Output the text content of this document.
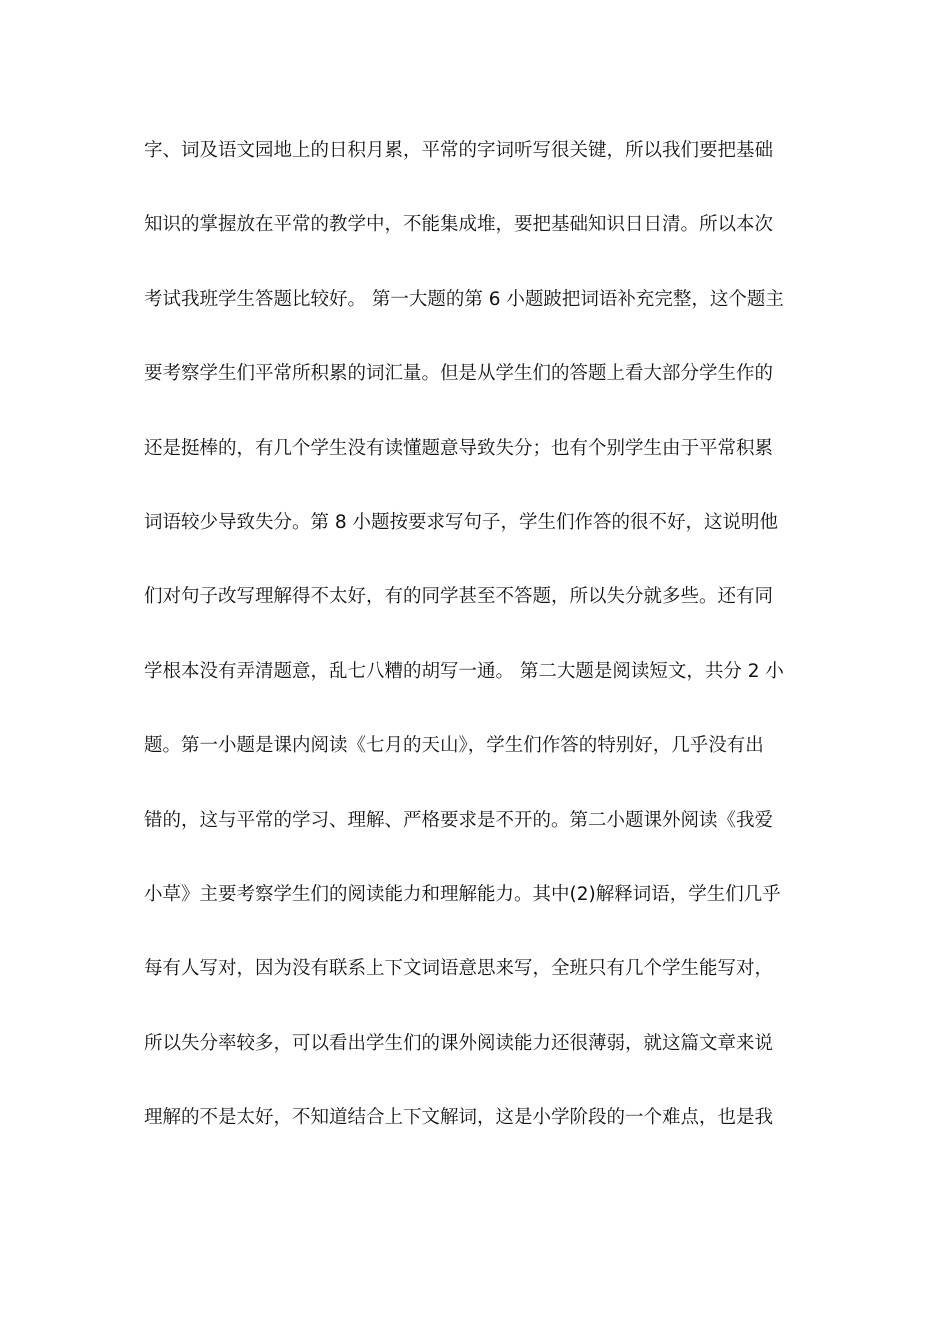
字、词及语文园地上的日积月累，平常的字词听写很关键，所以我们要把基础
知识的掌握放在平常的教学中，不能集成堆，要把基础知识日日清。所以本次
考试我班学生答题比较好。 第一大题的第 6 小题跛把词语补充完整，这个题主
要考察学生们平常所积累的词汇量。但是从学生们的答题上看大部分学生作的
还是挺棒的，有几个学生没有读懂题意导致失分；也有个别学生由于平常积累
词语较少导致失分。第 8 小题按要求写句子，学生们作答的很不好，这说明他
们对句子改写理解得不太好，有的同学甚至不答题，所以失分就多些。还有同
学根本没有弄清题意，乱七八糟的胡写一通。 第二大题是阅读短文，共分 2 小
题。第一小题是课内阅读《七月的天山》，学生们作答的特别好，几乎没有出
错的，这与平常的学习、理解、严格要求是不开的。第二小题课外阅读《我爱
小草》主要考察学生们的阅读能力和理解能力。其中(2)解释词语，学生们几乎
每有人写对，因为没有联系上下文词语意思来写，全班只有几个学生能写对，
所以失分率较多，可以看出学生们的课外阅读能力还很薄弱，就这篇文章来说
理解的不是太好，不知道结合上下文解词，这是小学阶段的一个难点，也是我
